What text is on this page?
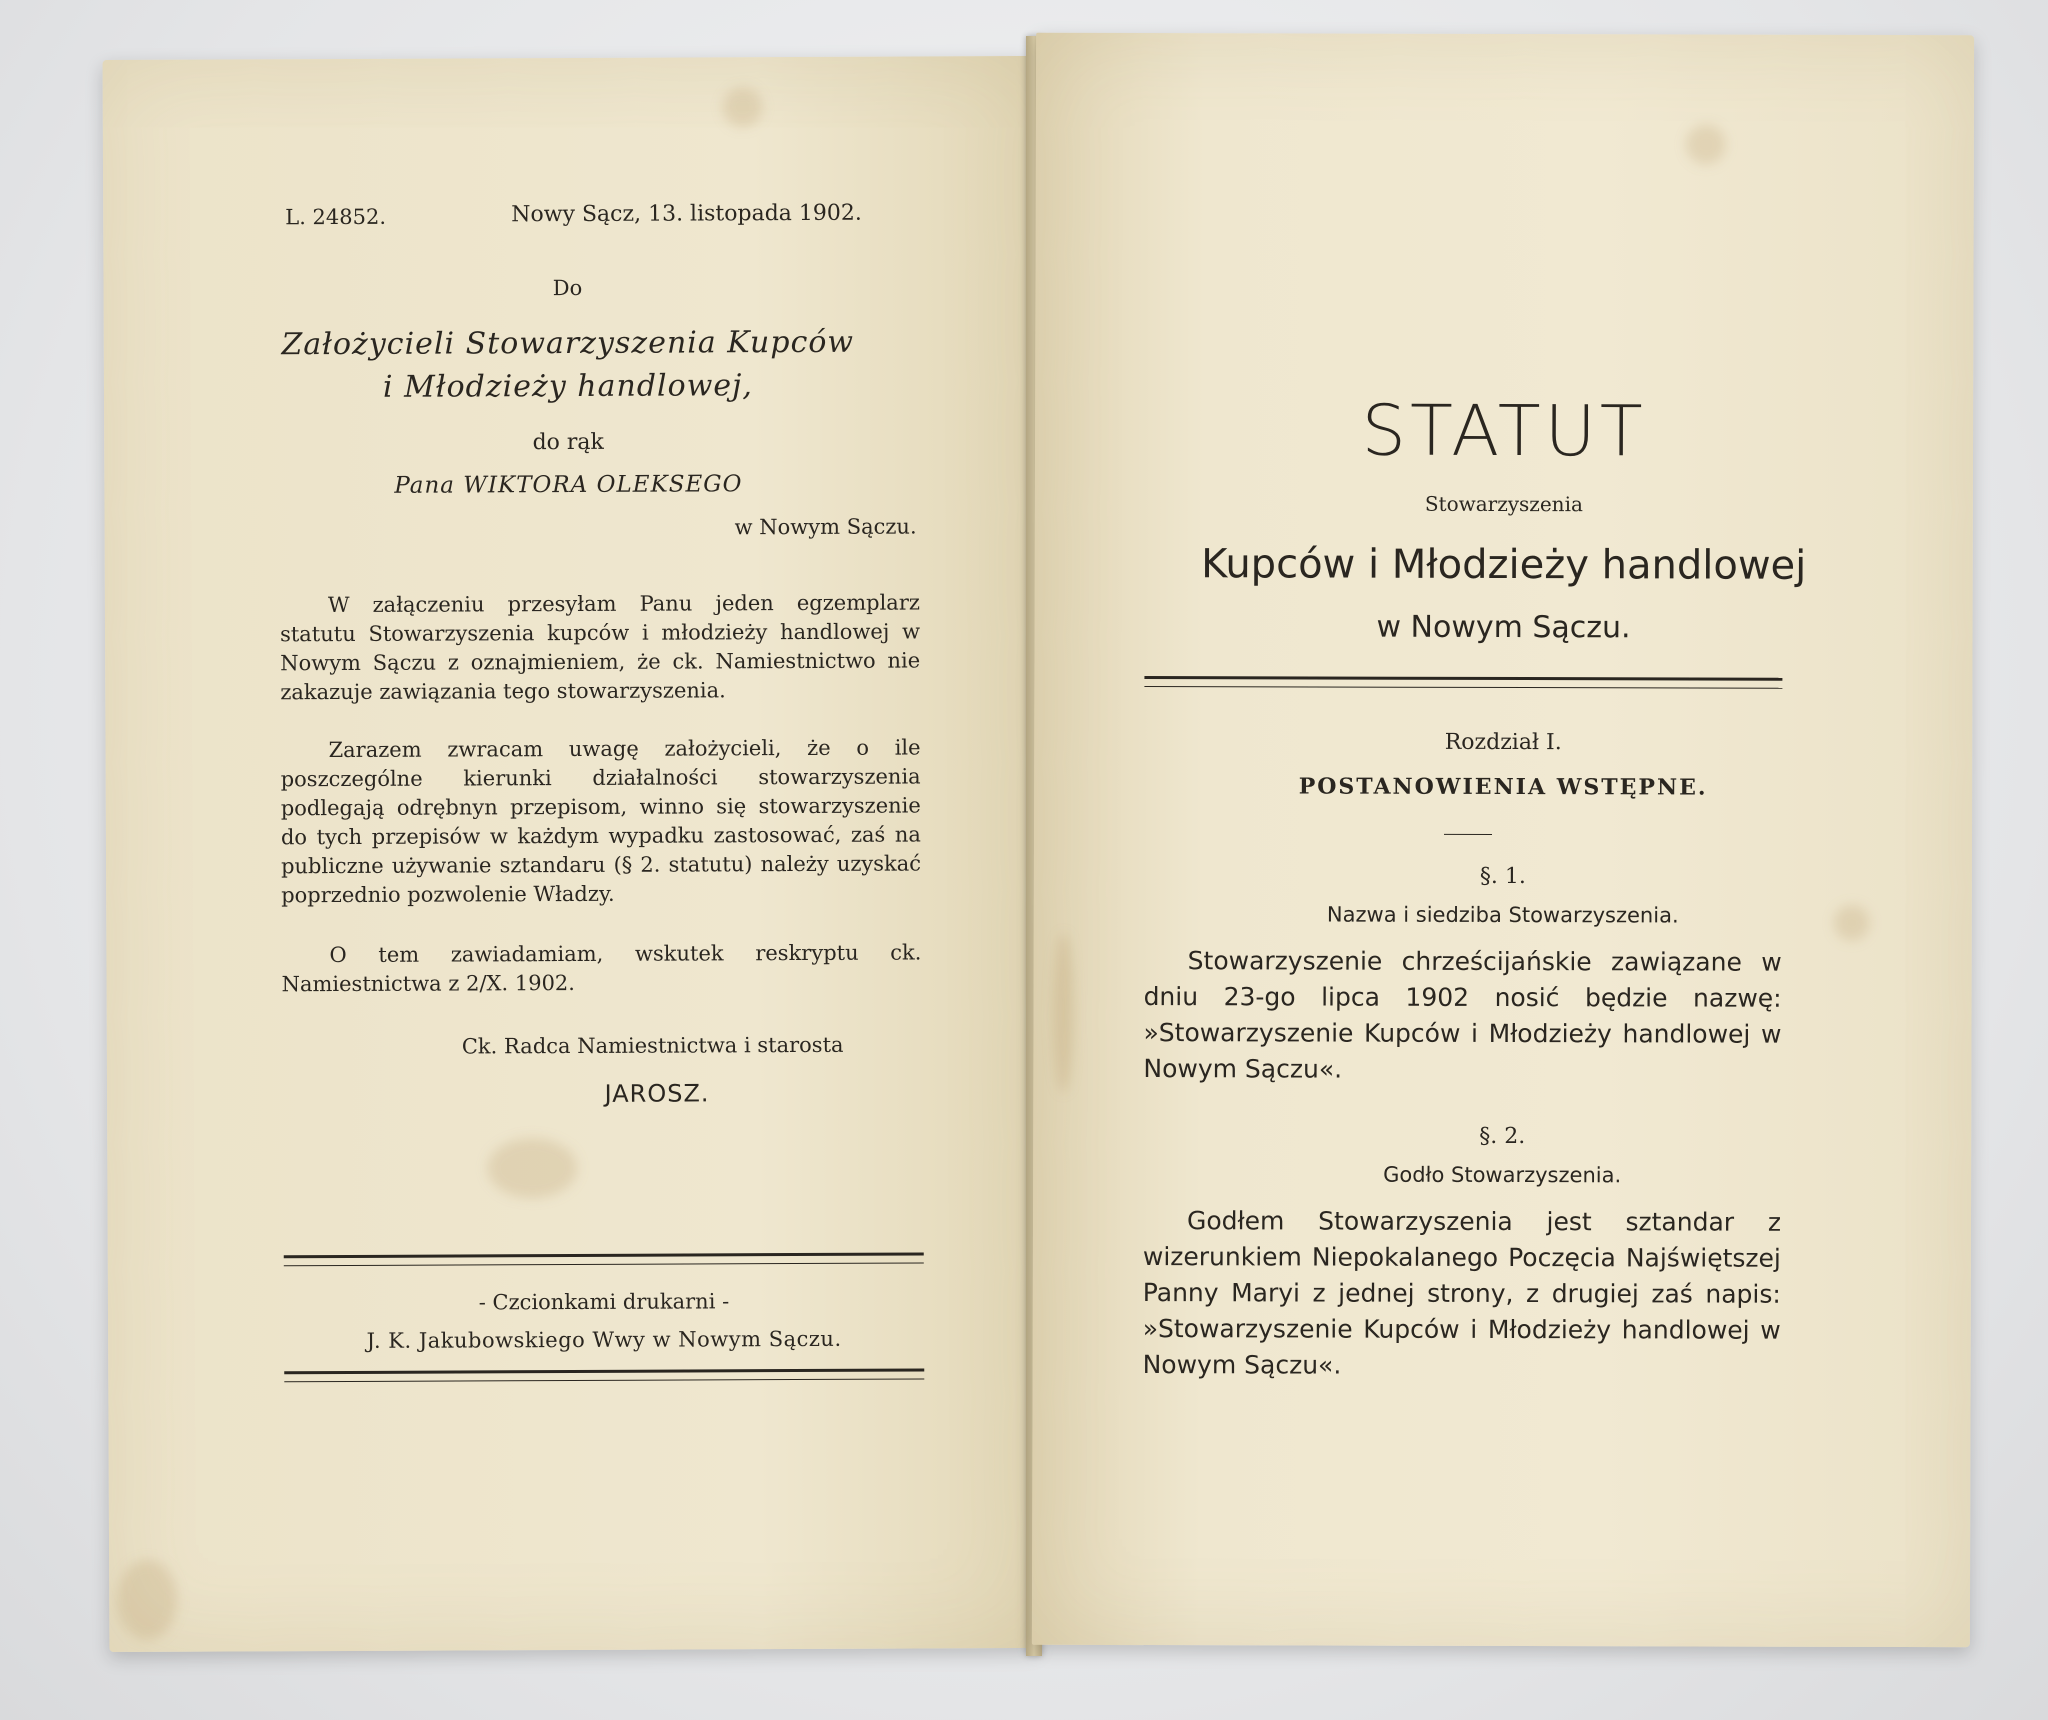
L. 24852.	Nowy Sącz, 13. listopada 1902.

Do

Założycieli Stowarzyszenia Kupców

i Młodzieży handlowej,

do rąk

Pana WIKTORA OLEKSEGO

w Nowym Sączu.

W załączeniu przesyłam Panu jeden egzemplarz statutu Stowarzyszenia kupców i młodzieży handlowej w Nowym Sączu z oznajmieniem, że ck. Namiestnictwo nie zakazuje zawiązania tego stowarzyszenia.

Zarazem zwracam uwagę założycieli, że o ile poszczególne kierunki działalności stowarzyszenia podlegają odrębnyn przepisom, winno się stowarzyszenie do tych przepisów w każdym wypadku zastosować, zaś na publiczne używanie sztandaru (§ 2. statutu) należy uzyskać poprzednio pozwolenie Władzy.

O tem zawiadamiam, wskutek reskryptu ck. Namiestnictwa z 2/X. 1902.

Ck. Radca Namiestnictwa i starosta

JAROSZ.

- Czcionkami drukarni -

J. K. Jakubowskiego Wwy w Nowym Sączu.

STATUT

Stowarzyszenia

Kupców i Młodzieży handlowej

w Nowym Sączu.

Rozdział I.

POSTANOWIENIA WSTĘPNE.

§. 1.

Nazwa i siedziba Stowarzyszenia.

Stowarzyszenie chrześcijańskie zawiązane w dniu 23-go lipca 1902 nosić będzie nazwę: »Stowarzyszenie Kupców i Młodzieży handlowej w Nowym Sączu«.

§. 2.

Godło Stowarzyszenia.

Godłem Stowarzyszenia jest sztandar z wizerunkiem Niepokalanego Poczęcia Najświętszej Panny Maryi z jednej strony, z drugiej zaś napis: »Stowarzyszenie Kupców i Młodzieży handlowej w Nowym Sączu«.
